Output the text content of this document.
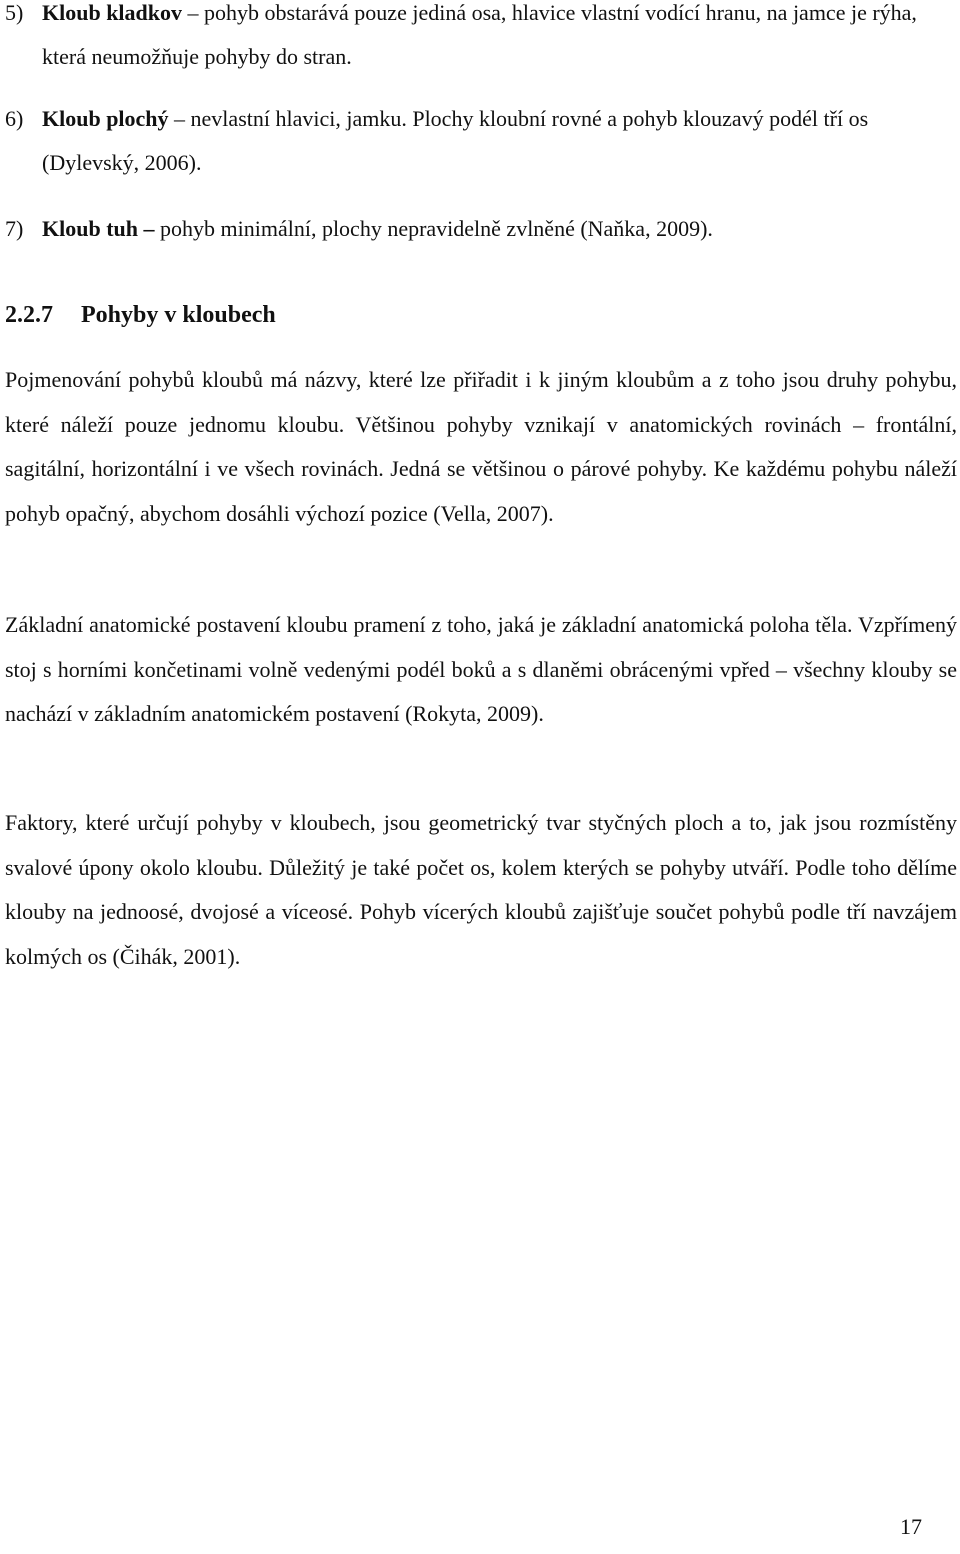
5) Kloub kladkov – pohyb obstarává pouze jediná osa, hlavice vlastní vodící hranu, na jamce je rýha, která neumožňuje pohyby do stran.
6) Kloub plochý – nevlastní hlavici, jamku. Plochy kloubní rovné a pohyb klouzavý podél tří os (Dylevský, 2006).
7) Kloub tuh – pohyb minimální, plochy nepravidelně zvlněné (Naňka, 2009).
2.2.7 Pohyby v kloubech

Pojmenování pohybů kloubů má názvy, které lze přiřadit i k jiným kloubům a z toho jsou druhy pohybu, které náleží pouze jednomu kloubu. Většinou pohyby vznikají v anatomických rovinách – frontální, sagitální, horizontální i ve všech rovinách. Jedná se většinou o párové pohyby. Ke každému pohybu náleží pohyb opačný, abychom dosáhli výchozí pozice (Vella, 2007).

Základní anatomické postavení kloubu pramení z toho, jaká je základní anatomická poloha těla. Vzpřímený stoj s horními končetinami volně vedenými podél boků a s dlaněmi obrácenými vpřed – všechny klouby se nachází v základním anatomickém postavení (Rokyta, 2009).

Faktory, které určují pohyby v kloubech, jsou geometrický tvar styčných ploch a to, jak jsou rozmístěny svalové úpony okolo kloubu. Důležitý je také počet os, kolem kterých se pohyby utváří. Podle toho dělíme klouby na jednoosé, dvojosé a víceosé. Pohyb vícerých kloubů zajišťuje součet pohybů podle tří navzájem kolmých os (Čihák, 2001).

17
